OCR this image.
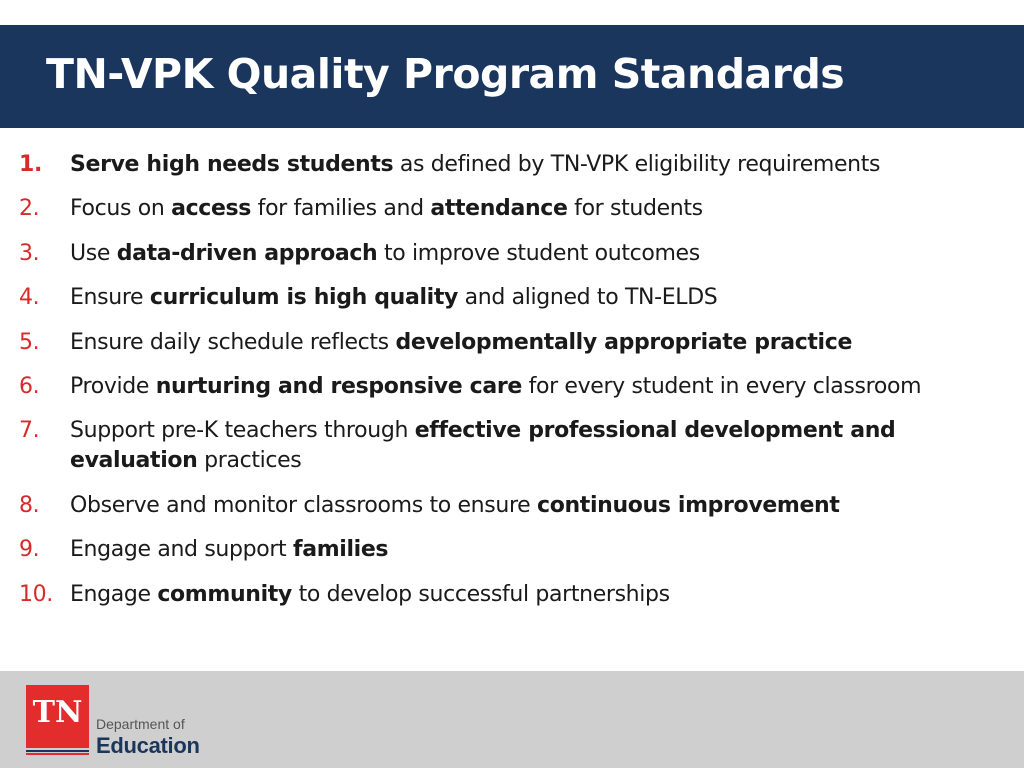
TN-VPK Quality Program Standards
1. Serve high needs students as defined by TN-VPK eligibility requirements
2. Focus on access for families and attendance for students
3. Use data-driven approach to improve student outcomes
4. Ensure curriculum is high quality and aligned to TN-ELDS
5. Ensure daily schedule reflects developmentally appropriate practice
6. Provide nurturing and responsive care for every student in every classroom
7. Support pre-K teachers through effective professional development and evaluation practices
8. Observe and monitor classrooms to ensure continuous improvement
9. Engage and support families
10. Engage community to develop successful partnerships
TN Department of
Education
